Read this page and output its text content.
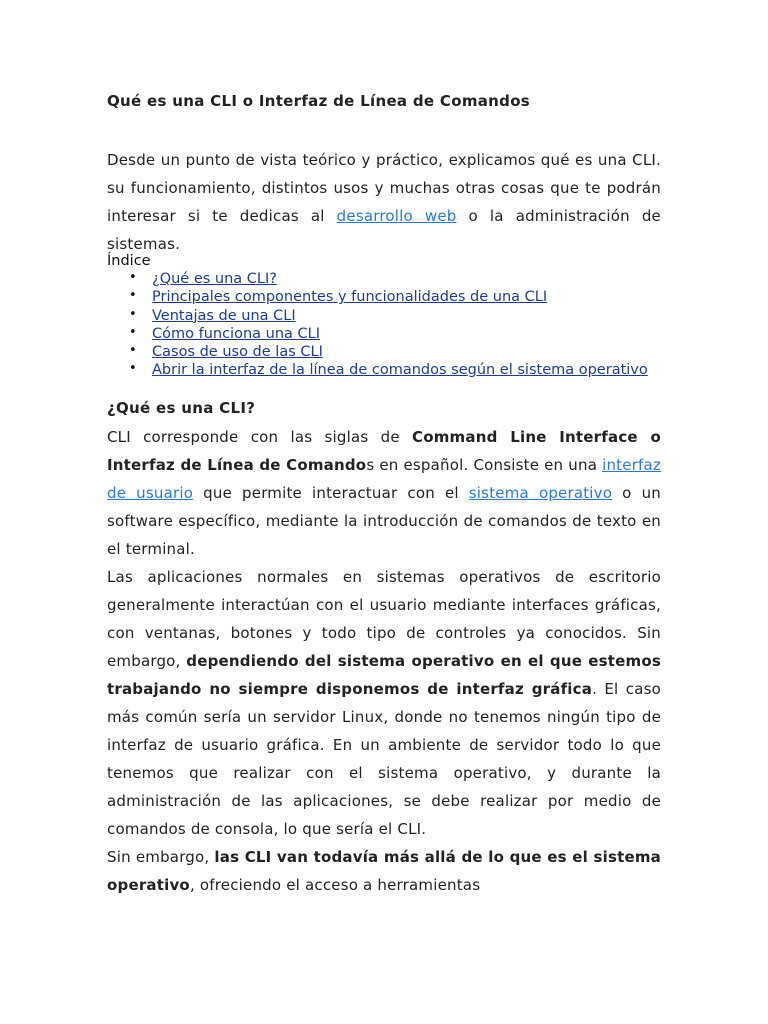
Qué es una CLI o Interfaz de Línea de Comandos

Desde un punto de vista teórico y práctico, explicamos qué es una CLI. su funcionamiento, distintos usos y muchas otras cosas que te podrán interesar si te dedicas al desarrollo web o la administración de sistemas.

Índice

• ¿Qué es una CLI?
• Principales componentes y funcionalidades de una CLI
• Ventajas de una CLI
• Cómo funciona una CLI
• Casos de uso de las CLI
• Abrir la interfaz de la línea de comandos según el sistema operativo
¿Qué es una CLI?

CLI corresponde con las siglas de Command Line Interface o Interfaz de Línea de Comandos en español. Consiste en una interfaz de usuario que permite interactuar con el sistema operativo o un software específico, mediante la introducción de comandos de texto en el terminal.

Las aplicaciones normales en sistemas operativos de escritorio generalmente interactúan con el usuario mediante interfaces gráficas, con ventanas, botones y todo tipo de controles ya conocidos. Sin embargo, dependiendo del sistema operativo en el que estemos trabajando no siempre disponemos de interfaz gráfica. El caso más común sería un servidor Linux, donde no tenemos ningún tipo de interfaz de usuario gráfica. En un ambiente de servidor todo lo que tenemos que realizar con el sistema operativo, y durante la administración de las aplicaciones, se debe realizar por medio de comandos de consola, lo que sería el CLI.

Sin embargo, las CLI van todavía más allá de lo que es el sistema operativo, ofreciendo el acceso a herramientas
